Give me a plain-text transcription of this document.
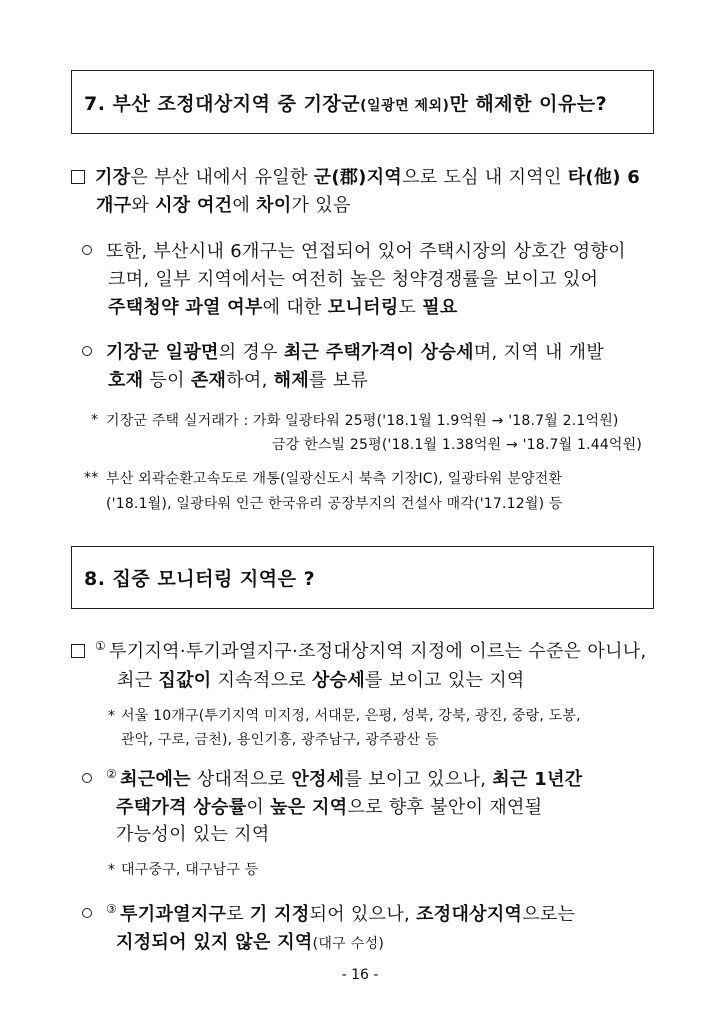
7. 부산 조정대상지역 중 기장군(일광면 제외)만 해제한 이유는?
기장은 부산 내에서 유일한 군(郡)지역으로 도심 내 지역인 타(他) 6
개구와 시장 여건에 차이가 있음
또한, 부산시내 6개구는 연접되어 있어 주택시장의 상호간 영향이
크며, 일부 지역에서는 여전히 높은 청약경쟁률을 보이고 있어
주택청약 과열 여부에 대한 모니터링도 필요
기장군 일광면의 경우 최근 주택가격이 상승세며, 지역 내 개발
호재 등이 존재하여, 해제를 보류
* 기장군 주택 실거래가 : 가화 일광타워 25평('18.1월 1.9억원 → '18.7월 2.1억원)
금강 한스빌 25평('18.1월 1.38억원 → '18.7월 1.44억원)
** 부산 외곽순환고속도로 개통(일광신도시 북측 기장IC), 일광타워 분양전환
('18.1월), 일광타워 인근 한국유리 공장부지의 건설사 매각('17.12월) 등
8. 집중 모니터링 지역은 ?
① 투기지역·투기과열지구·조정대상지역 지정에 이르는 수준은 아니나,
최근 집값이 지속적으로 상승세를 보이고 있는 지역
* 서울 10개구(투기지역 미지정, 서대문, 은평, 성북, 강북, 광진, 중랑, 도봉,
관악, 구로, 금천), 용인기흥, 광주남구, 광주광산 등
② 최근에는 상대적으로 안정세를 보이고 있으나, 최근 1년간
주택가격 상승률이 높은 지역으로 향후 불안이 재연될
가능성이 있는 지역
* 대구중구, 대구남구 등
③ 투기과열지구로 기 지정되어 있으나, 조정대상지역으로는
지정되어 있지 않은 지역(대구 수성)
- 16 -
